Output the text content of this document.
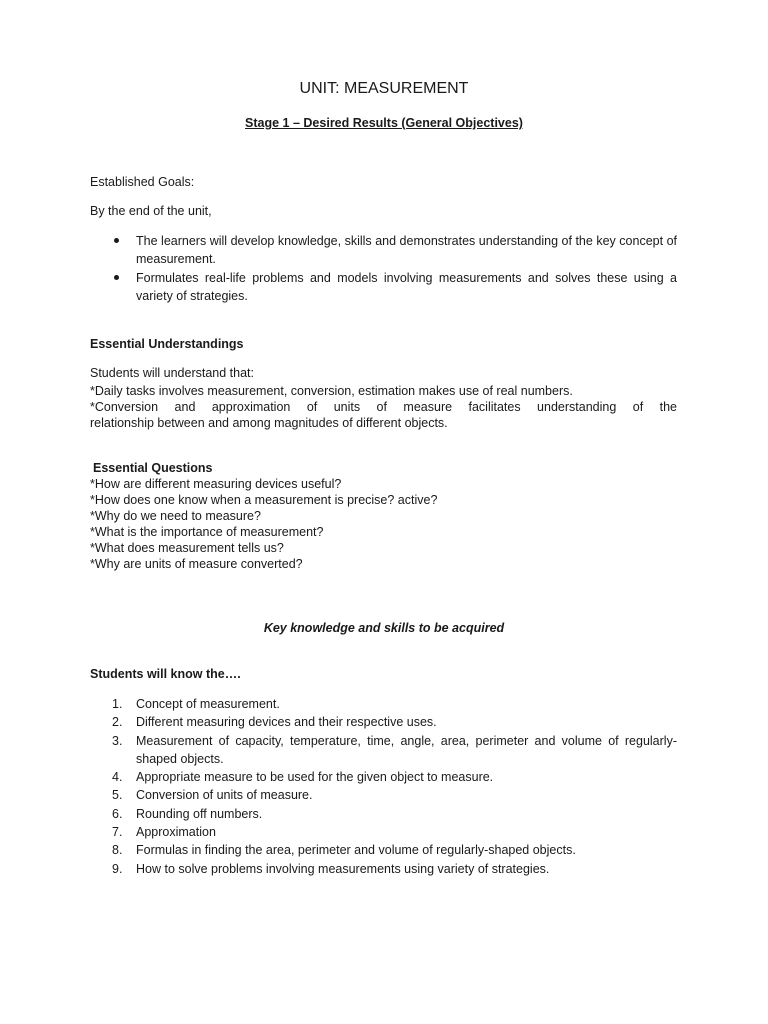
UNIT: MEASUREMENT
Stage 1 – Desired Results (General Objectives)
Established Goals:
By the end of the unit,
The learners will develop knowledge, skills and demonstrates understanding of the key concept of measurement.
Formulates real-life problems and models involving measurements and solves these using a variety of strategies.
Essential Understandings
Students will understand that:
*Daily tasks involves measurement, conversion, estimation makes use of real numbers.
*Conversion and approximation of units of measure facilitates understanding of the
relationship between and among magnitudes of different objects.
Essential Questions
*How are different measuring devices useful?
*How does one know when a measurement is precise? active?
*Why do we need to measure?
*What is the importance of measurement?
*What does measurement tells us?
*Why are units of measure converted?
Key knowledge and skills to be acquired
Students will know the….
1. Concept of measurement.
2. Different measuring devices and their respective uses.
3. Measurement of capacity, temperature, time, angle, area, perimeter and volume of regularly-shaped objects.
4. Appropriate measure to be used for the given object to measure.
5. Conversion of units of measure.
6. Rounding off numbers.
7. Approximation
8. Formulas in finding the area, perimeter and volume of regularly-shaped objects.
9. How to solve problems involving measurements using variety of strategies.
